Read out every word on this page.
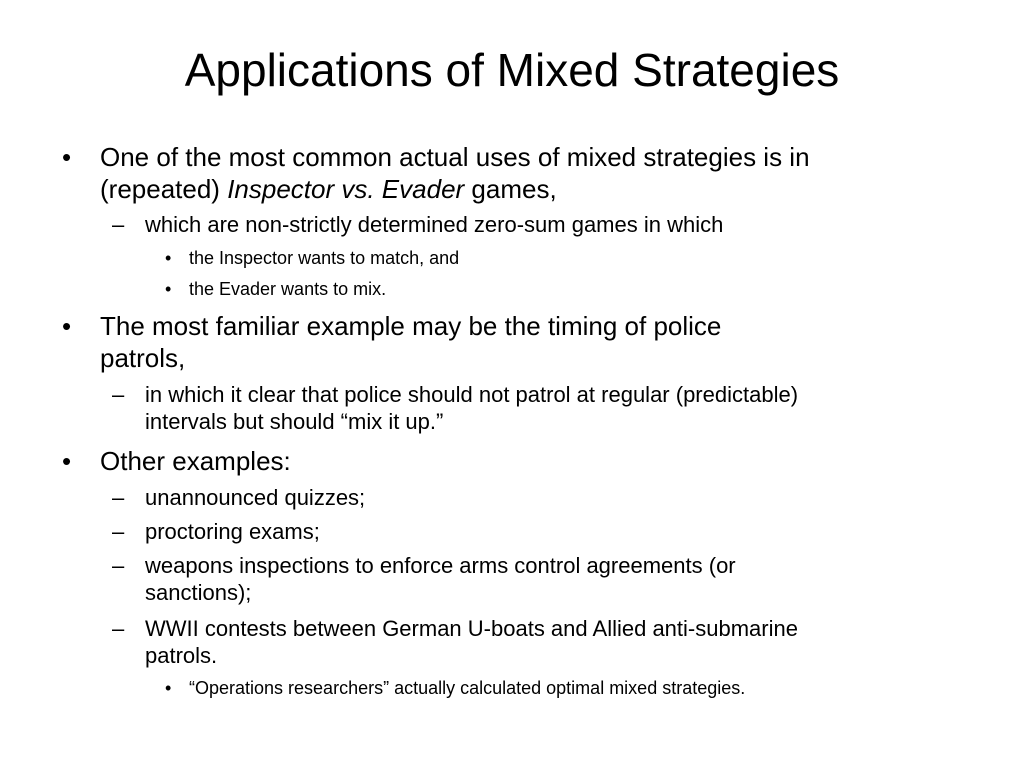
Applications of Mixed Strategies
• One of the most common actual uses of mixed strategies is in
(repeated) Inspector vs. Evader games,
– which are non-strictly determined zero-sum games in which
• the Inspector wants to match, and
• the Evader wants to mix.
• The most familiar example may be the timing of police
patrols,
– in which it clear that police should not patrol at regular (predictable)
intervals but should “mix it up.”
• Other examples:
– unannounced quizzes;
– proctoring exams;
– weapons inspections to enforce arms control agreements (or
sanctions);
– WWII contests between German U-boats and Allied anti-submarine
patrols.
• “Operations researchers” actually calculated optimal mixed strategies.
